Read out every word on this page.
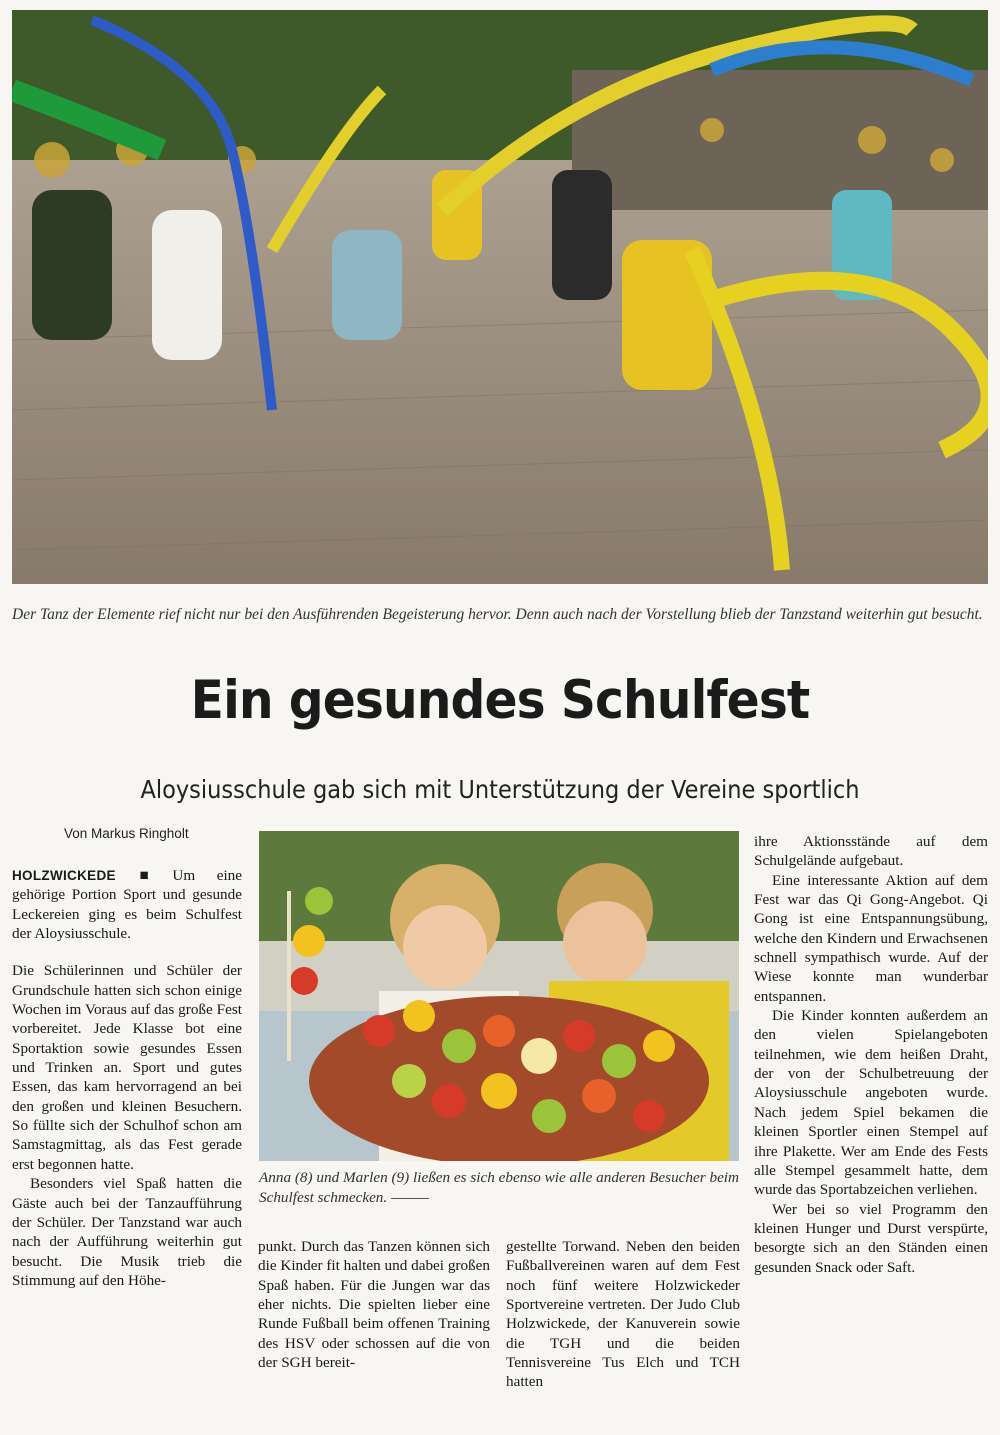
Der Tanz der Elemente rief nicht nur bei den Ausführenden Begeisterung hervor. Denn auch nach der Vorstellung blieb der Tanzstand weiterhin gut besucht.
Ein gesundes Schulfest
Aloysiusschule gab sich mit Unterstützung der Vereine sportlich
Von Markus Ringholt

HOLZWICKEDE ■ Um eine gehörige Portion Sport und gesunde Leckereien ging es beim Schulfest der Aloysiusschule.

Die Schülerinnen und Schüler der Grundschule hatten sich schon einige Wochen im Voraus auf das große Fest vorbereitet. Jede Klasse bot eine Sportaktion sowie gesundes Essen und Trinken an. Sport und gutes Essen, das kam hervorragend an bei den großen und kleinen Besuchern. So füllte sich der Schulhof schon am Samstagmittag, als das Fest gerade erst begonnen hatte.

Besonders viel Spaß hatten die Gäste auch bei der Tanzaufführung der Schüler. Der Tanzstand war auch nach der Aufführung weiterhin gut besucht. Die Musik trieb die Stimmung auf den Höhe-

Anna (8) und Marlen (9) ließen es sich ebenso wie alle anderen Besucher beim Schulfest schmecken.

punkt. Durch das Tanzen können sich die Kinder fit halten und dabei großen Spaß haben. Für die Jungen war das eher nichts. Die spielten lieber eine Runde Fußball beim offenen Training des HSV oder schossen auf die von der SGH bereit-

gestellte Torwand. Neben den beiden Fußballvereinen waren auf dem Fest noch fünf weitere Holzwickeder Sportvereine vertreten. Der Judo Club Holzwickede, der Kanuverein sowie die TGH und die beiden Tennisvereine Tus Elch und TCH hatten

ihre Aktionsstände auf dem Schulgelände aufgebaut.

Eine interessante Aktion auf dem Fest war das Qi Gong-Angebot. Qi Gong ist eine Entspannungsübung, welche den Kindern und Erwachsenen schnell sympathisch wurde. Auf der Wiese konnte man wunderbar entspannen.

Die Kinder konnten außerdem an den vielen Spielangeboten teilnehmen, wie dem heißen Draht, der von der Schulbetreuung der Aloysiusschule angeboten wurde. Nach jedem Spiel bekamen die kleinen Sportler einen Stempel auf ihre Plakette. Wer am Ende des Fests alle Stempel gesammelt hatte, dem wurde das Sportabzeichen verliehen.

Wer bei so viel Programm den kleinen Hunger und Durst verspürte, besorgte sich an den Ständen einen gesunden Snack oder Saft.
